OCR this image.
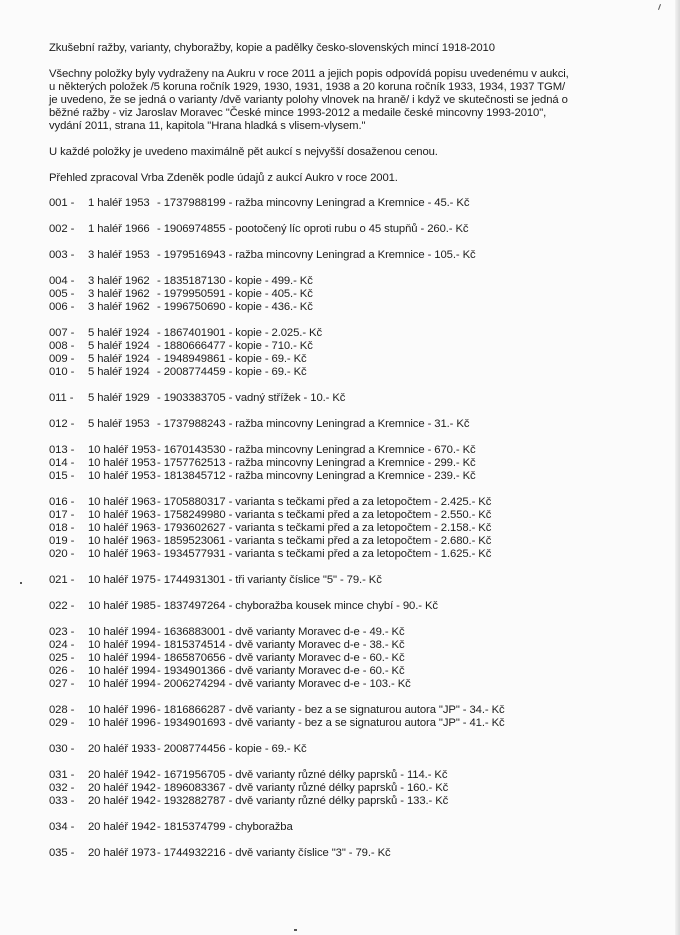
Zkušební ražby, varianty, chyboražby, kopie a padělky česko-slovenských mincí 1918-2010
Všechny položky byly vydraženy na Aukru v roce 2011 a jejich popis odpovídá popisu uvedenému v aukci,
u některých položek /5 koruna ročník 1929, 1930, 1931, 1938 a 20 koruna ročník 1933, 1934, 1937 TGM/
je uvedeno, že se jedná o varianty /dvě varianty polohy vlnovek na hraně/ i když ve skutečnosti se jedná o
běžné ražby - viz Jaroslav Moravec "České mince 1993-2012 a medaile české mincovny 1993-2010",
vydání 2011, strana 11, kapitola "Hrana hladká s vlisem-vlysem."
U každé položky je uvedeno maximálně pět aukcí s nejvyšší dosaženou cenou.
Přehled zpracoval Vrba Zdeněk podle údajů z aukcí Aukro v roce 2001.
001 - 1 haléř 1953 - 1737988199 - ražba mincovny Leningrad a Kremnice - 45.- Kč
002 - 1 haléř 1966 - 1906974855 - pootočený líc oproti rubu o 45 stupňů - 260.- Kč
003 - 3 haléř 1953 - 1979516943 - ražba mincovny Leningrad a Kremnice - 105.- Kč
004 - 3 haléř 1962 - 1835187130 - kopie - 499.- Kč
005 - 3 haléř 1962 - 1979950591 - kopie - 405.- Kč
006 - 3 haléř 1962 - 1996750690 - kopie - 436.- Kč
007 - 5 haléř 1924 - 1867401901 - kopie - 2.025.- Kč
008 - 5 haléř 1924 - 1880666477 - kopie - 710.- Kč
009 - 5 haléř 1924 - 1948949861 - kopie - 69.- Kč
010 - 5 haléř 1924 - 2008774459 - kopie - 69.- Kč
011 - 5 haléř 1929 - 1903383705 - vadný střížek - 10.- Kč
012 - 5 haléř 1953 - 1737988243 - ražba mincovny Leningrad a Kremnice - 31.- Kč
013 - 10 haléř 1953 - 1670143530 - ražba mincovny Leningrad a Kremnice - 670.- Kč
014 - 10 haléř 1953 - 1757762513 - ražba mincovny Leningrad a Kremnice - 299.- Kč
015 - 10 haléř 1953 - 1813845712 - ražba mincovny Leningrad a Kremnice - 239.- Kč
016 - 10 haléř 1963 - 1705880317 - varianta s tečkami před a za letopočtem - 2.425.- Kč
017 - 10 haléř 1963 - 1758249980 - varianta s tečkami před a za letopočtem - 2.550.- Kč
018 - 10 haléř 1963 - 1793602627 - varianta s tečkami před a za letopočtem - 2.158.- Kč
019 - 10 haléř 1963 - 1859523061 - varianta s tečkami před a za letopočtem - 2.680.- Kč
020 - 10 haléř 1963 - 1934577931 - varianta s tečkami před a za letopočtem - 1.625.- Kč
021 - 10 haléř 1975 - 1744931301 - tři varianty číslice "5" - 79.- Kč
022 - 10 haléř 1985 - 1837497264 - chyboražba kousek mince chybí - 90.- Kč
023 - 10 haléř 1994 - 1636883001 - dvě varianty Moravec d-e - 49.- Kč
024 - 10 haléř 1994 - 1815374514 - dvě varianty Moravec d-e - 38.- Kč
025 - 10 haléř 1994 - 1865870656 - dvě varianty Moravec d-e - 60.- Kč
026 - 10 haléř 1994 - 1934901366 - dvě varianty Moravec d-e - 60.- Kč
027 - 10 haléř 1994 - 2006274294 - dvě varianty Moravec d-e - 103.- Kč
028 - 10 haléř 1996 - 1816866287 - dvě varianty - bez a se signaturou autora "JP" - 34.- Kč
029 - 10 haléř 1996 - 1934901693 - dvě varianty - bez a se signaturou autora "JP" - 41.- Kč
030 - 20 haléř 1933 - 2008774456 - kopie - 69.- Kč
031 - 20 haléř 1942 - 1671956705 - dvě varianty různé délky paprsků - 114.- Kč
032 - 20 haléř 1942 - 1896083367 - dvě varianty různé délky paprsků - 160.- Kč
033 - 20 haléř 1942 - 1932882787 - dvě varianty různé délky paprsků - 133.- Kč
034 - 20 haléř 1942 - 1815374799 - chyboražba
035 - 20 haléř 1973 - 1744932216 - dvě varianty číslice "3" - 79.- Kč
